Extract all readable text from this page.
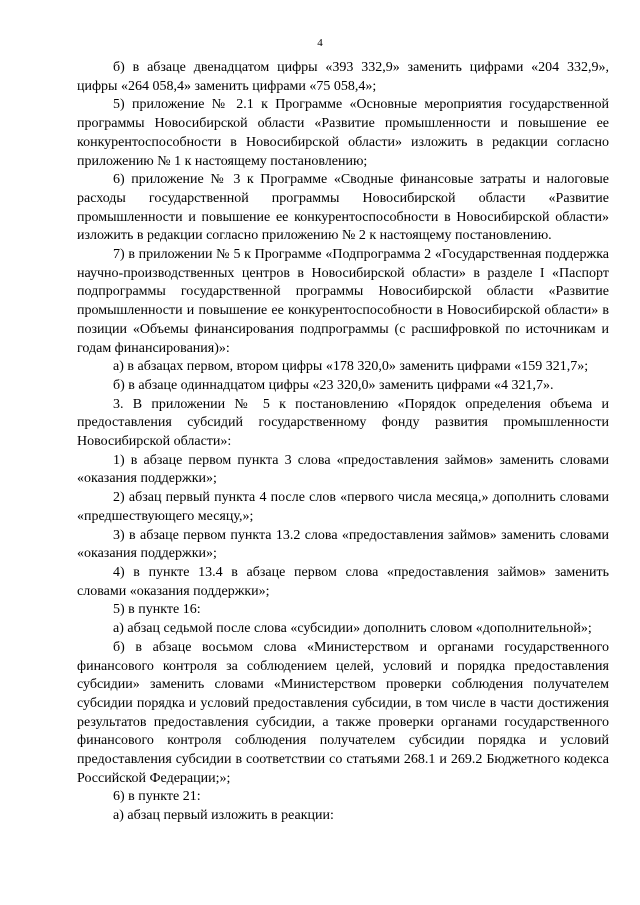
4

б) в абзаце двенадцатом цифры «393 332,9» заменить цифрами «204 332,9», цифры «264 058,4» заменить цифрами «75 058,4»;

5) приложение № 2.1 к Программе «Основные мероприятия государственной программы Новосибирской области «Развитие промышленности и повышение ее конкурентоспособности в Новосибирской области» изложить в редакции согласно приложению № 1 к настоящему постановлению;

6) приложение № 3 к Программе «Сводные финансовые затраты и налоговые расходы государственной программы Новосибирской области «Развитие промышленности и повышение ее конкурентоспособности в Новосибирской области» изложить в редакции согласно приложению № 2 к настоящему постановлению.

7) в приложении № 5 к Программе «Подпрограмма 2 «Государственная поддержка научно-производственных центров в Новосибирской области» в разделе I «Паспорт подпрограммы государственной программы Новосибирской области «Развитие промышленности и повышение ее конкурентоспособности в Новосибирской области» в позиции «Объемы финансирования подпрограммы (с расшифровкой по источникам и годам финансирования)»:

а) в абзацах первом, втором цифры «178 320,0» заменить цифрами «159 321,7»;

б) в абзаце одиннадцатом цифры «23 320,0» заменить цифрами «4 321,7».

3. В приложении № 5 к постановлению «Порядок определения объема и предоставления субсидий государственному фонду развития промышленности Новосибирской области»:

1) в абзаце первом пункта 3 слова «предоставления займов» заменить словами «оказания поддержки»;

2) абзац первый пункта 4 после слов «первого числа месяца,» дополнить словами «предшествующего месяцу,»;

3) в абзаце первом пункта 13.2 слова «предоставления займов» заменить словами «оказания поддержки»;

4) в пункте 13.4 в абзаце первом слова «предоставления займов» заменить словами «оказания поддержки»;

5) в пункте 16:

а) абзац седьмой после слова «субсидии» дополнить словом «дополнительной»;

б) в абзаце восьмом слова «Министерством и органами государственного финансового контроля за соблюдением целей, условий и порядка предоставления субсидии» заменить словами «Министерством проверки соблюдения получателем субсидии порядка и условий предоставления субсидии, в том числе в части достижения результатов предоставления субсидии, а также проверки органами государственного финансового контроля соблюдения получателем субсидии порядка и условий предоставления субсидии в соответствии со статьями 268.1 и 269.2 Бюджетного кодекса Российской Федерации;»;

6) в пункте 21:

а) абзац первый изложить в реакции:
